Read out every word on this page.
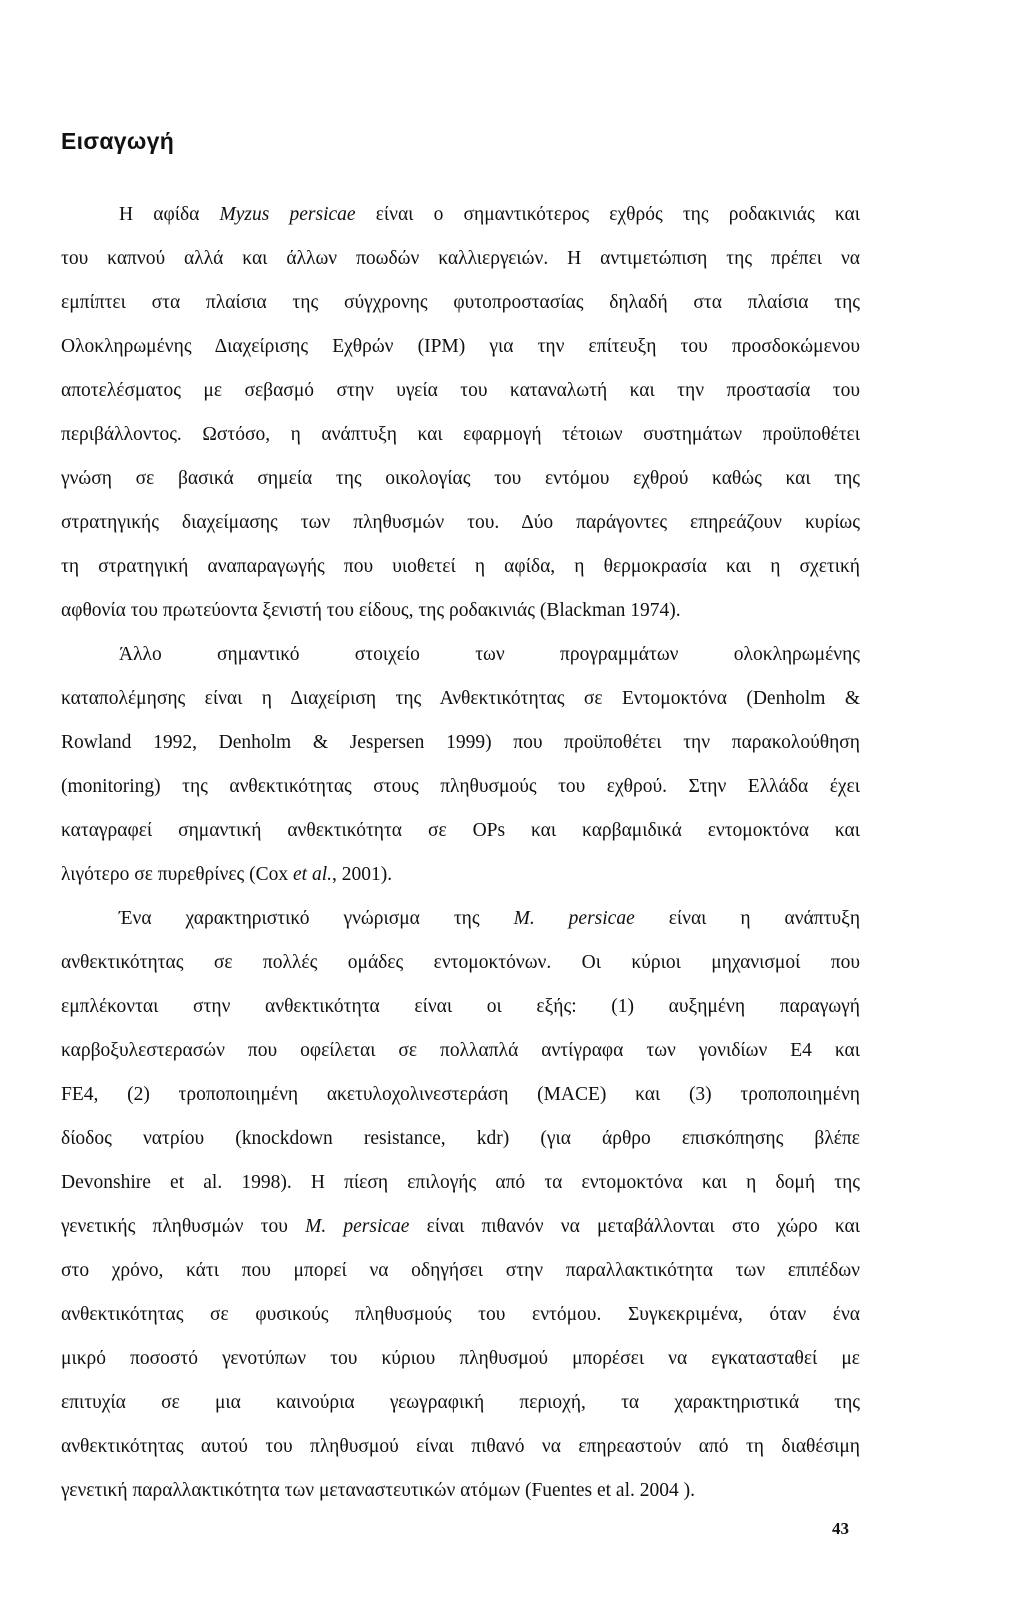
Εισαγωγή
Η αφίδα Myzus persicae είναι ο σημαντικότερος εχθρός της ροδακινιάς και
του καπνού αλλά και άλλων ποωδών καλλιεργειών. Η αντιμετώπιση της πρέπει να
εμπίπτει στα πλαίσια της σύγχρονης φυτοπροστασίας δηλαδή στα πλαίσια της
Ολοκληρωμένης Διαχείρισης Εχθρών (IPM) για την επίτευξη του προσδοκώμενου
αποτελέσματος με σεβασμό στην υγεία του καταναλωτή και την προστασία του
περιβάλλοντος. Ωστόσο, η ανάπτυξη και εφαρμογή τέτοιων συστημάτων προϋποθέτει
γνώση σε βασικά σημεία της οικολογίας του εντόμου εχθρού καθώς και της
στρατηγικής διαχείμασης των πληθυσμών του. Δύο παράγοντες επηρεάζουν κυρίως
τη στρατηγική αναπαραγωγής που υιοθετεί η αφίδα, η θερμοκρασία και η σχετική
αφθονία του πρωτεύοντα ξενιστή του είδους, της ροδακινιάς (Blackman 1974).
Άλλο σημαντικό στοιχείο των προγραμμάτων ολοκληρωμένης
καταπολέμησης είναι η Διαχείριση της Ανθεκτικότητας σε Εντομοκτόνα (Denholm &
Rowland 1992, Denholm & Jespersen 1999) που προϋποθέτει την παρακολούθηση
(monitoring) της ανθεκτικότητας στους πληθυσμούς του εχθρού. Στην Ελλάδα έχει
καταγραφεί σημαντική ανθεκτικότητα σε OPs και καρβαμιδικά εντομοκτόνα και
λιγότερο σε πυρεθρίνες (Cox et al., 2001).
Ένα χαρακτηριστικό γνώρισμα της M. persicae είναι η ανάπτυξη
ανθεκτικότητας σε πολλές ομάδες εντομοκτόνων. Οι κύριοι μηχανισμοί που
εμπλέκονται στην ανθεκτικότητα είναι οι εξής: (1) αυξημένη παραγωγή
καρβοξυλεστερασών που οφείλεται σε πολλαπλά αντίγραφα των γονιδίων E4 και
FE4, (2) τροποποιημένη ακετυλοχολινεστεράση (MACE) και (3) τροποποιημένη
δίοδος νατρίου (knockdown resistance, kdr) (για άρθρο επισκόπησης βλέπε
Devonshire et al. 1998). Η πίεση επιλογής από τα εντομοκτόνα και η δομή της
γενετικής πληθυσμών του M. persicae είναι πιθανόν να μεταβάλλονται στο χώρο και
στο χρόνο, κάτι που μπορεί να οδηγήσει στην παραλλακτικότητα των επιπέδων
ανθεκτικότητας σε φυσικούς πληθυσμούς του εντόμου. Συγκεκριμένα, όταν ένα
μικρό ποσοστό γενοτύπων του κύριου πληθυσμού μπορέσει να εγκατασταθεί με
επιτυχία σε μια καινούρια γεωγραφική περιοχή, τα χαρακτηριστικά της
ανθεκτικότητας αυτού του πληθυσμού είναι πιθανό να επηρεαστούν από τη διαθέσιμη
γενετική παραλλακτικότητα των μεταναστευτικών ατόμων (Fuentes et al. 2004 ).
43
